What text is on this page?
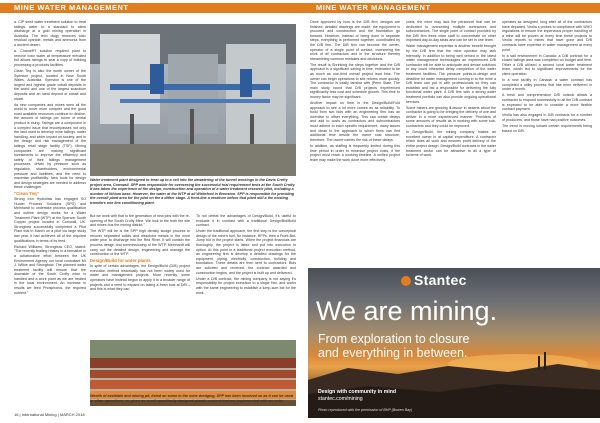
MINE WATER MANAGEMENT	MINE WATER MANAGEMENT

a. CIP seed water treatment solution to treat tailings water to a standard to allow discharge at a gold mining operation in Australia. The tech ology removes toxic residual cyanide, metals and ammonia from a ancient desert.

a. ChameRT solution required plant to remove toxic water at temperature elevated but allows ratings to seat a copy of building processing a products facilities.

Clean Teq is also the worth owner of the Syerston project, located in New South Wales, Australia. Syerston is one of the largest and highest grade cobalt deposits in the world and one of the largest scandium deposits and an ideal deposit of cobalt and nickel.

As new companies and mines seen all the world to move more complex and the good most available resources continue to decline, the amount of tailings per tonne of metal product is rising. Tailings are a component in a complex issue that encompasses not only the land used to develop mine tailings, water handling, and wider impact on society, and in the design and risk management of the tailings retail stage facility (TSF). Mining companies are making significant investments to improve the efficiency and safety of their tailings management processes, driven by pressure such as regulation, shareholders, environmental pressure and liabilities, and the need to maximise profitability. New tools for design and design strategies are needed to address these challenges.

"Clean Teq"

Strong Iron Hydrolisis has engaged SO Hunter Process Solutions (SPG) and Meinhardt to undertake process qualification and outline design works for a Water Treatment Plant (WTP) at the Spencer South Copper project located in Cornwall, UK. Strongbow successfully completed a Pilot Plant trial in March on a pilot via large study last year, it had achieved all of the required qualifications in terms of its feed.

Richard Williams, Strongbow CEO, stated: "The recently trialling relates to a formation in a collaborative effort between the UK Environment Agency our local consultant Mr J. Wilkie and Strongbow. The planned water treatment facility will ensure that the downside of the South Crofty mine is handled and a work plant as we are treated in the local environment. An increase in results we feed Phosphorus, the required nutrient."

Water treatment plant designed to treat up to a cell into the dewatering of the tunnel workings in the Davis Crofty project area, Cornwall. SPP was responsible for overseeing the successful trial requirement tests at the South Crofty. It has taken the experience of the design, construction and operation of a water treatment research pilot, including a number of lithium base. However, the water at the WTP at all Whiteford in Brenston. SPP is responsible for providing the overall plant area for the pilot on the a dither stage. A front-line a vestiture before that plant still a the existing transfers one line conditioning plant.

But we work with that to the generation of new jobs with the re-opening of the South Crofty Mine. We look to the both the site and mines bus the mining district."

The WTP will be is the SPP high density sludge process to recover separated solids and dissolved metals in the mine water prior to discharge into the Red River. It will contain the process design and commissioning of the WTP. Meinhardt will carry out the detailed design, engineering and manage the construction of the WTP.

Design/Build for water plants

In spite of certain advantages, the Design/Build (D/B) project execution method historically has not been widely used for water and management projects. More recently, some operators have instead begun to apply it to a broader range of projects and a need to expand on taking a fresh look at D/B – and this is what they can.

To not defeat the advantages of Design/Build, it's useful to evaluate it in contrast with a traditional Design/Bid/Build contract.

Under the traditional approach, the first step is the conceptual design of the mine's fuel, for instance. RFPs, then a Front-Bid-Jump bid in the project starts. When the project financials are thoroughly, the project is listed and put into execution to option. At this point in a traditional project execution method, an engineering firm is develop a detailed drawings for the equipment, piping, electricity, construction, building and foundation. These details are then sent to contractors. Bids are solicited and received, the contract awarded and construction begins, and the project is built up and delivered.

Under a D/B contract, the mining company is not saying it's responsibility for project execution to a single firm, and works with the same engineering to establish a lump-sum bid for the work.

Wealth of available and mining pit, listed on some in the mine dredging, SPP has been involved on as it can be used in other operations, as given as small specifically designed plastic content that are implemented with an order

Once approved by how is the D/B firm, designs are finished, detailed drawings are made, the equipment is procured and construction and the foundation go forward. However, instead of being done in separate steps, everything is performed together, coordinated by the D/B firm. The D/B firm can become the owner-operator of a single point of contact, overseeing the work of all contractors and in the structure thereby streamlining common mistakes and decisions.

The result is Shrinking the steps together and the D/B approach is a significant saving in time, estimated to be as much as one-third overall project lead time. The owner can begin operations to see returns more quickly. The contractor is totally familiar with (Penn State. The main study found that D/B projects experienced significantly less cost and schedule growth. This time to money factor may be significant.

Another impact on time in the Design/Build/Fold approach to see a lot more comes as as reliability. To build from two bids with an engineering firm has an incentive to offset everything. This can create delays and add to costs as contractors and subcontractors must adhere to each specific requirement, many issues and ideas to the approach to which firms can find additional time beside the owner cost structure, therefore. The owner carries the risk of these delays.

In addition, as staffing is frequently limited during this time period in order to minimise project costs, if the project must reach a working timeline. A unified project team may make the work done more effectively.

costs, the mine may lack the personnel that can be dedicated to overseeing multiple contractors and subcontractors. The single point of contact provided by the D/B firm frees mine staff to concentrate on other important day-to-day tasks and can be set in one team.

Water management expertise is another benefit brought by the D/B firm that the mine operator may lack internally. In addition to being well versed in the latest water management technologies an experienced D/B contractor will be able to anticipate and devise solutions to any could otherwise delay completion of the water treatment facilities. The pressure points-in-design and deadline for water management coming in to the mine a D/B team can put in with professionals so they can establish and bid a responsible for delivering the fully functional water plant. A D/B firm with a strong water treatment portfolio can also provide ongoing operational services.

Some miners are growing ill-favour in deserts about the contractor is going to be bringing the delivery of one and deliver in a more experienced manner. Providers of some amounts of results as in working with some sub-contractors and they could be improved.

In Design/Build, the mining company makes an excellent owner in at capital expenditure. A contractor which does all work and ensures profit delivery of the entire project design. Design/Build contracts in the water treatment sector can be attractive to all a type of scheme of work.

operates as designed, long after all of the contractors have departed. Veolia s probes to compliance with WHO regulations to ensure the impervious proper handling of a mine will be proven at every time these projects to Veolia reports to mines that have gone and D/B contracts have expertise in water management at every point.

In a salt environment in Canada: a D/B contract for a closed tailings area was completed on budget and time. Other a D/B utilised a second local water treatment team, which led to significant improvements for the client operation.

In a new facility in Canada: a water contract has completed a utility process that has been delivered in under a month.

A fresh and comprehensive D/B outlook allows a contractor to respond successfully to all the D/B contract is expected to be able to consider a more flexible contract payment.

Veolia has also engaged in D/B contracts for a number of producers, and those have had positive outcomes.

The trend is moving toward certain requirements being based on D/B.

Stantec
We are mining.
From exploration to closure
and everything in between.
Design with community in mind
stantec.com/mining
Photo reproduced with the permission of BHP (Bowen Bay)
16 | International Mining | MARCH 2018
